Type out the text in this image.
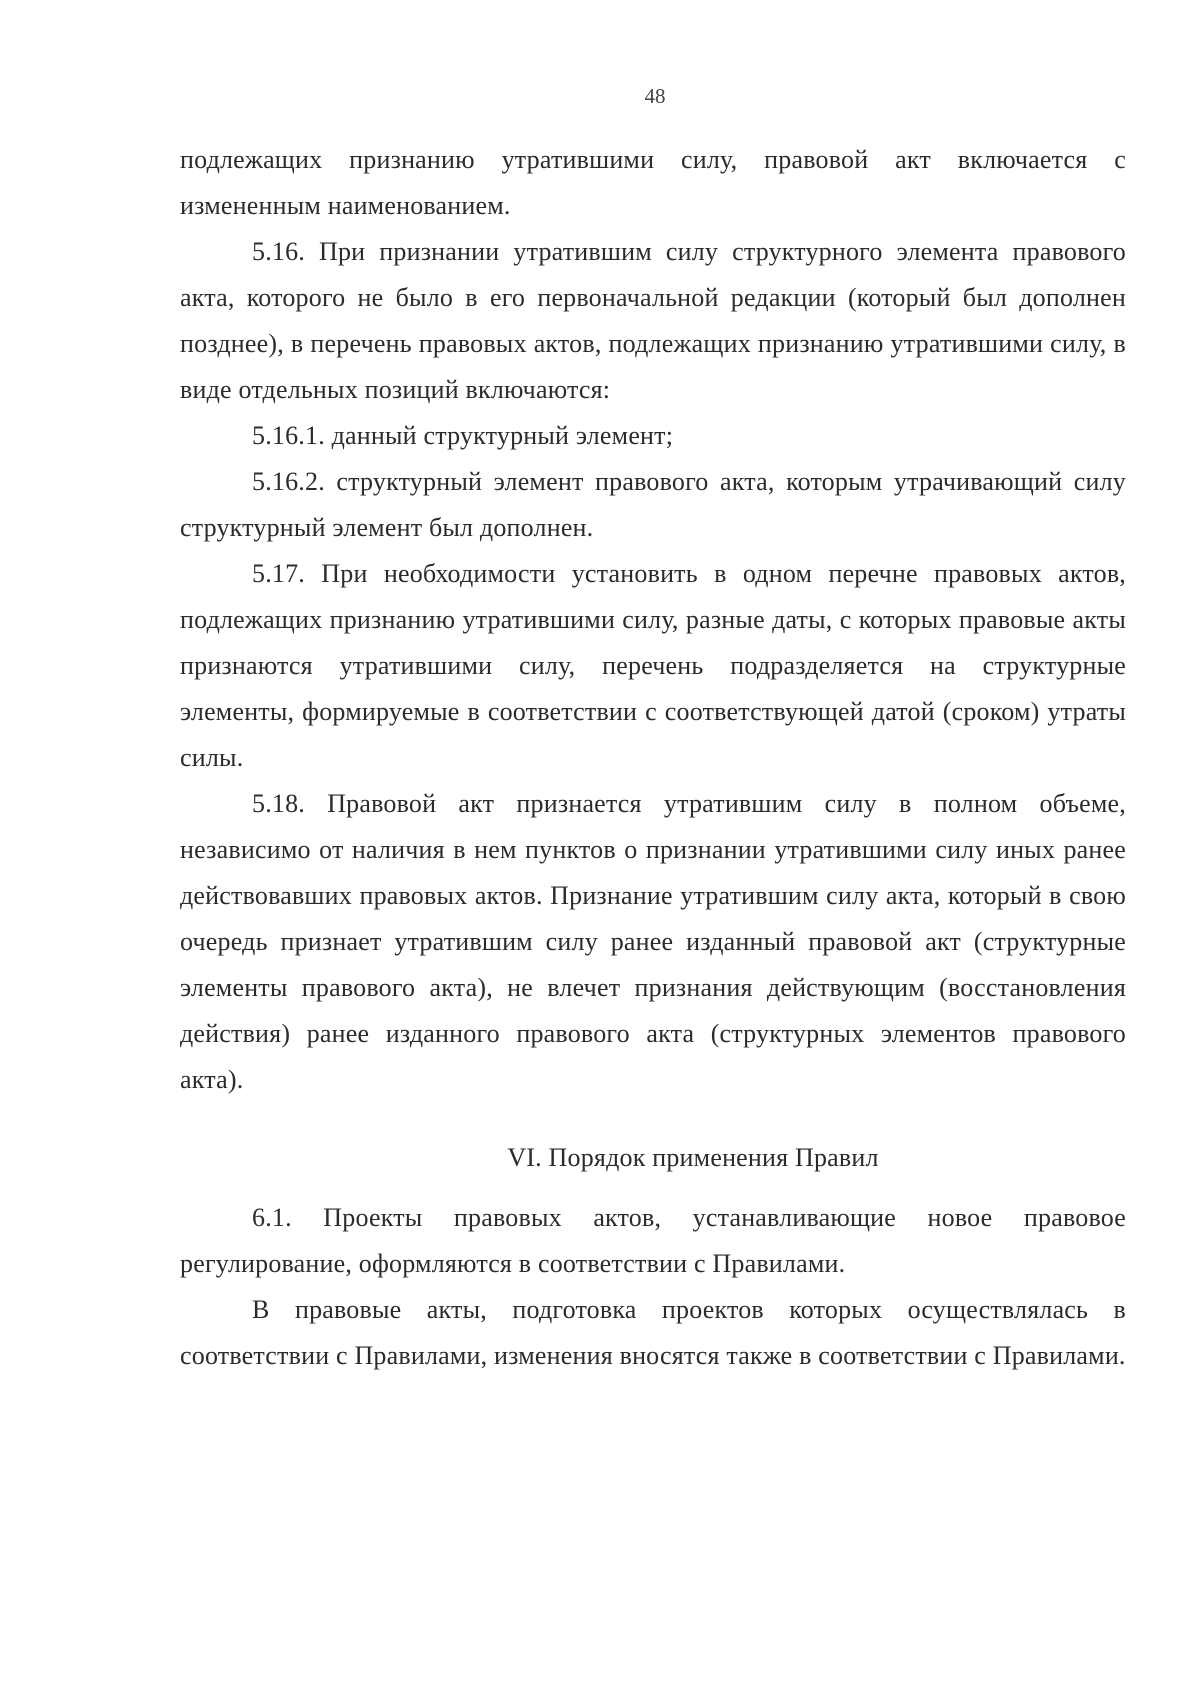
48

подлежащих признанию утратившими силу, правовой акт включается с измененным наименованием.

5.16. При признании утратившим силу структурного элемента правового акта, которого не было в его первоначальной редакции (который был дополнен позднее), в перечень правовых актов, подлежащих признанию утратившими силу, в виде отдельных позиций включаются:

5.16.1. данный структурный элемент;

5.16.2. структурный элемент правового акта, которым утрачивающий силу структурный элемент был дополнен.

5.17. При необходимости установить в одном перечне правовых актов, подлежащих признанию утратившими силу, разные даты, с которых правовые акты признаются утратившими силу, перечень подразделяется на структурные элементы, формируемые в соответствии с соответствующей датой (сроком) утраты силы.

5.18. Правовой акт признается утратившим силу в полном объеме, независимо от наличия в нем пунктов о признании утратившими силу иных ранее действовавших правовых актов. Признание утратившим силу акта, который в свою очередь признает утратившим силу ранее изданный правовой акт (структурные элементы правового акта), не влечет признания действующим (восстановления действия) ранее изданного правового акта (структурных элементов правового акта).

VI. Порядок применения Правил

6.1. Проекты правовых актов, устанавливающие новое правовое регулирование, оформляются в соответствии с Правилами.

В правовые акты, подготовка проектов которых осуществлялась в соответствии с Правилами, изменения вносятся также в соответствии с Правилами.
